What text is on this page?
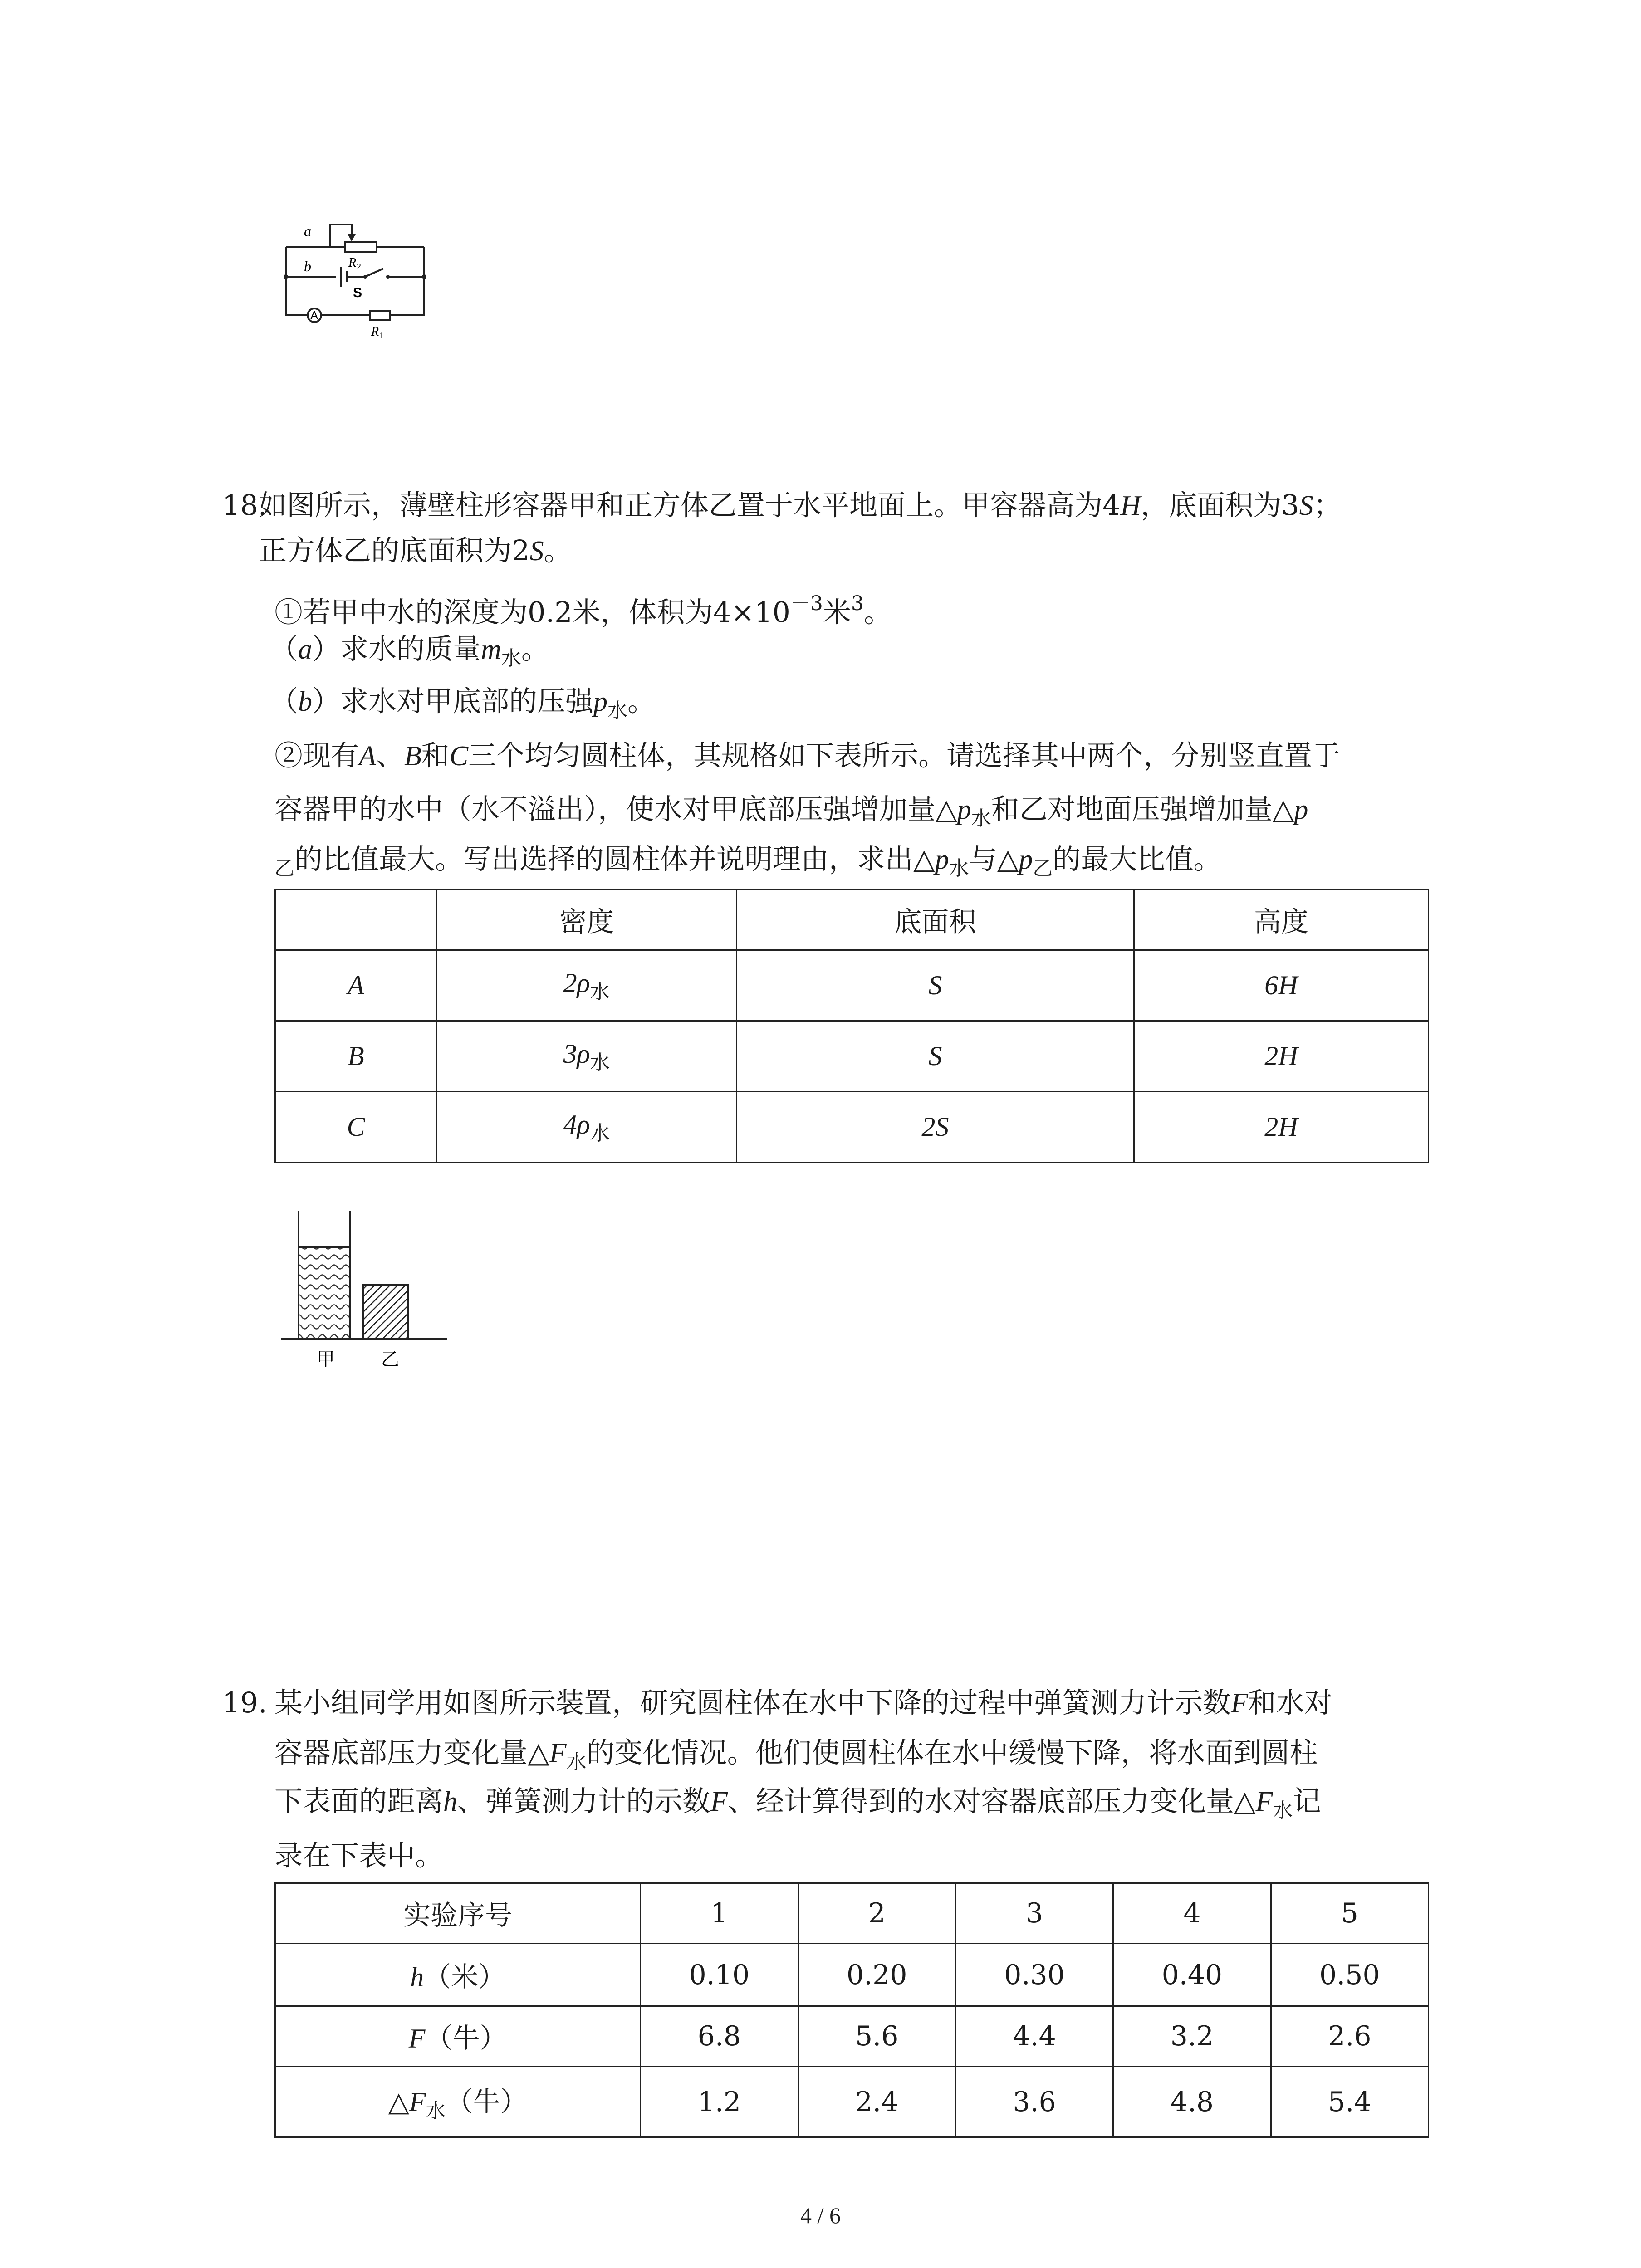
a
b	R 2
S
A
R 1
18.
如图所示，薄壁柱形容器甲和正方体乙置于水平地面上。甲容器高为4H，底面积为3S；
正方体乙的底面积为2S。
①若甲中水的深度为0.2米，体积为$4\times 10^{-3}$米$^3$。
（a）求水的质量$m_水$。
（b）求水对甲底部的压强$p_水$。
②现有A、B和C三个均匀圆柱体，其规格如下表所示。请选择其中两个，分别竖直置于
容器甲的水中（水不溢出），使水对甲底部压强增加量$\triangle p_水$和乙对地面压强增加量△p
$_乙$的比值最大。写出选择的圆柱体并说明理由，求出$\triangle p_水$与$\triangle p_乙$的最大比值。
	密度	底面积	高度
A	$2\rho_水$	S	6H
B	$3\rho_水$	S	2H
C	$4\rho_水$	2S	2H
甲	乙
19. 某小组同学用如图所示装置，研究圆柱体在水中下降的过程中弹簧测力计示数F和水对
容器底部压力变化量$\triangle F_水$的变化情况。他们使圆柱体在水中缓慢下降，将水面到圆柱
下表面的距离h、弹簧测力计的示数F、经计算得到的水对容器底部压力变化量$\triangle F_水$记
录在下表中。
实验序号	1	2	3	4	5
h（米）	0.10	0.20	0.30	0.40	0.50
F（牛）	6.8	5.6	4.4	3.2	2.6
$\triangle F_水$（牛）	1.2	2.4	3.6	4.8	5.4
4 / 6
